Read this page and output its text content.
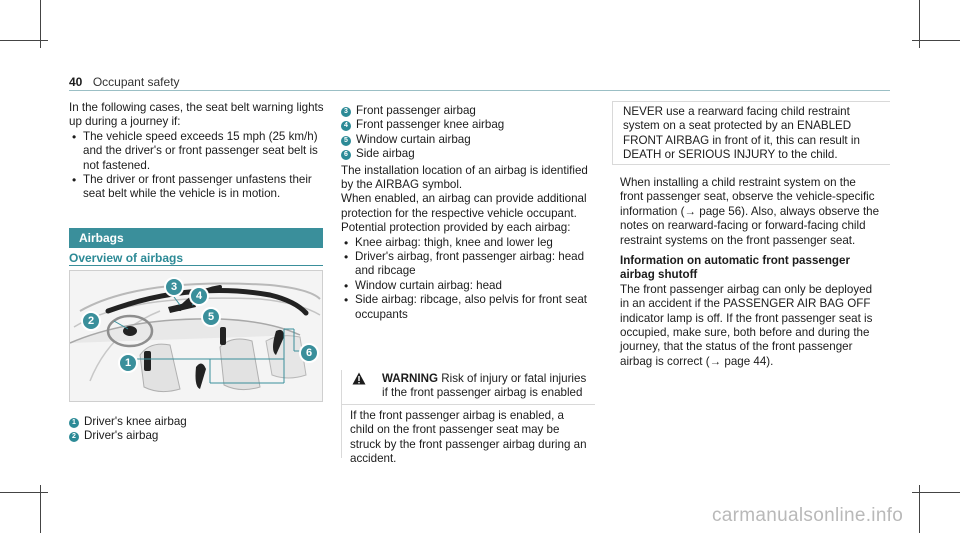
40 Occupant safety
In the following cases, the seat belt warning lights up during a journey if:
• The vehicle speed exceeds 15 mph (25 km/h) and the driver's or front passenger seat belt is not fastened.
• The driver or front passenger unfastens their seat belt while the vehicle is in motion.
Airbags
Overview of airbags
1
2
3
4
5
6
1 Driver's knee airbag
2 Driver's airbag
3 Front passenger airbag
4 Front passenger knee airbag
5 Window curtain airbag
6 Side airbag
The installation location of an airbag is identified by the AIRBAG symbol.
When enabled, an airbag can provide additional protection for the respective vehicle occupant.
Potential protection provided by each airbag:
• Knee airbag: thigh, knee and lower leg
• Driver's airbag, front passenger airbag: head and ribcage
• Window curtain airbag: head
• Side airbag: ribcage, also pelvis for front seat occupants
WARNING Risk of injury or fatal injuries if the front passenger airbag is enabled
If the front passenger airbag is enabled, a child on the front passenger seat may be struck by the front passenger airbag during an accident.
NEVER use a rearward facing child restraint system on a seat protected by an ENABLED FRONT AIRBAG in front of it, this can result in DEATH or SERIOUS INJURY to the child.
When installing a child restraint system on the front passenger seat, observe the vehicle-specific information (→ page 56). Also, always observe the notes on rearward-facing or forward-facing child restraint systems on the front passenger seat.
Information on automatic front passenger airbag shutoff
The front passenger airbag can only be deployed in an accident if the PASSENGER AIR BAG OFF indicator lamp is off. If the front passenger seat is occupied, make sure, both before and during the journey, that the status of the front passenger airbag is correct (→ page 44).
carmanualsonline.info
